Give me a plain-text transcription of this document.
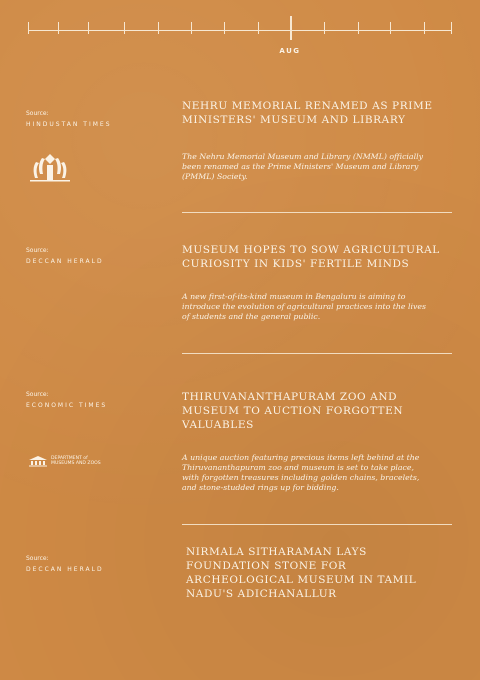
AUG
Source:
HINDUSTAN TIMES
NEHRU MEMORIAL RENAMED AS PRIME MINISTERS' MUSEUM AND LIBRARY
The Nehru Memorial Museum and Library (NMML) officially been renamed as the Prime Ministers' Museum and Library (PMML) Society.
Source:
DECCAN HERALD
MUSEUM HOPES TO SOW AGRICULTURAL CURIOSITY IN KIDS' FERTILE MINDS
A new first-of-its-kind museum in Bengaluru is aiming to introduce the evolution of agricultural practices into the lives of students and the general public.
Source:
ECONOMIC TIMES
DEPARTMENT of
MUSEUMS AND ZOOS
THIRUVANANTHAPURAM ZOO AND MUSEUM TO AUCTION FORGOTTEN VALUABLES
A unique auction featuring precious items left behind at the Thiruvananthapuram zoo and museum is set to take place, with forgotten treasures including golden chains, bracelets, and stone-studded rings up for bidding.
Source:
DECCAN HERALD
NIRMALA SITHARAMAN LAYS FOUNDATION STONE FOR ARCHEOLOGICAL MUSEUM IN TAMIL NADU'S ADICHANALLUR
